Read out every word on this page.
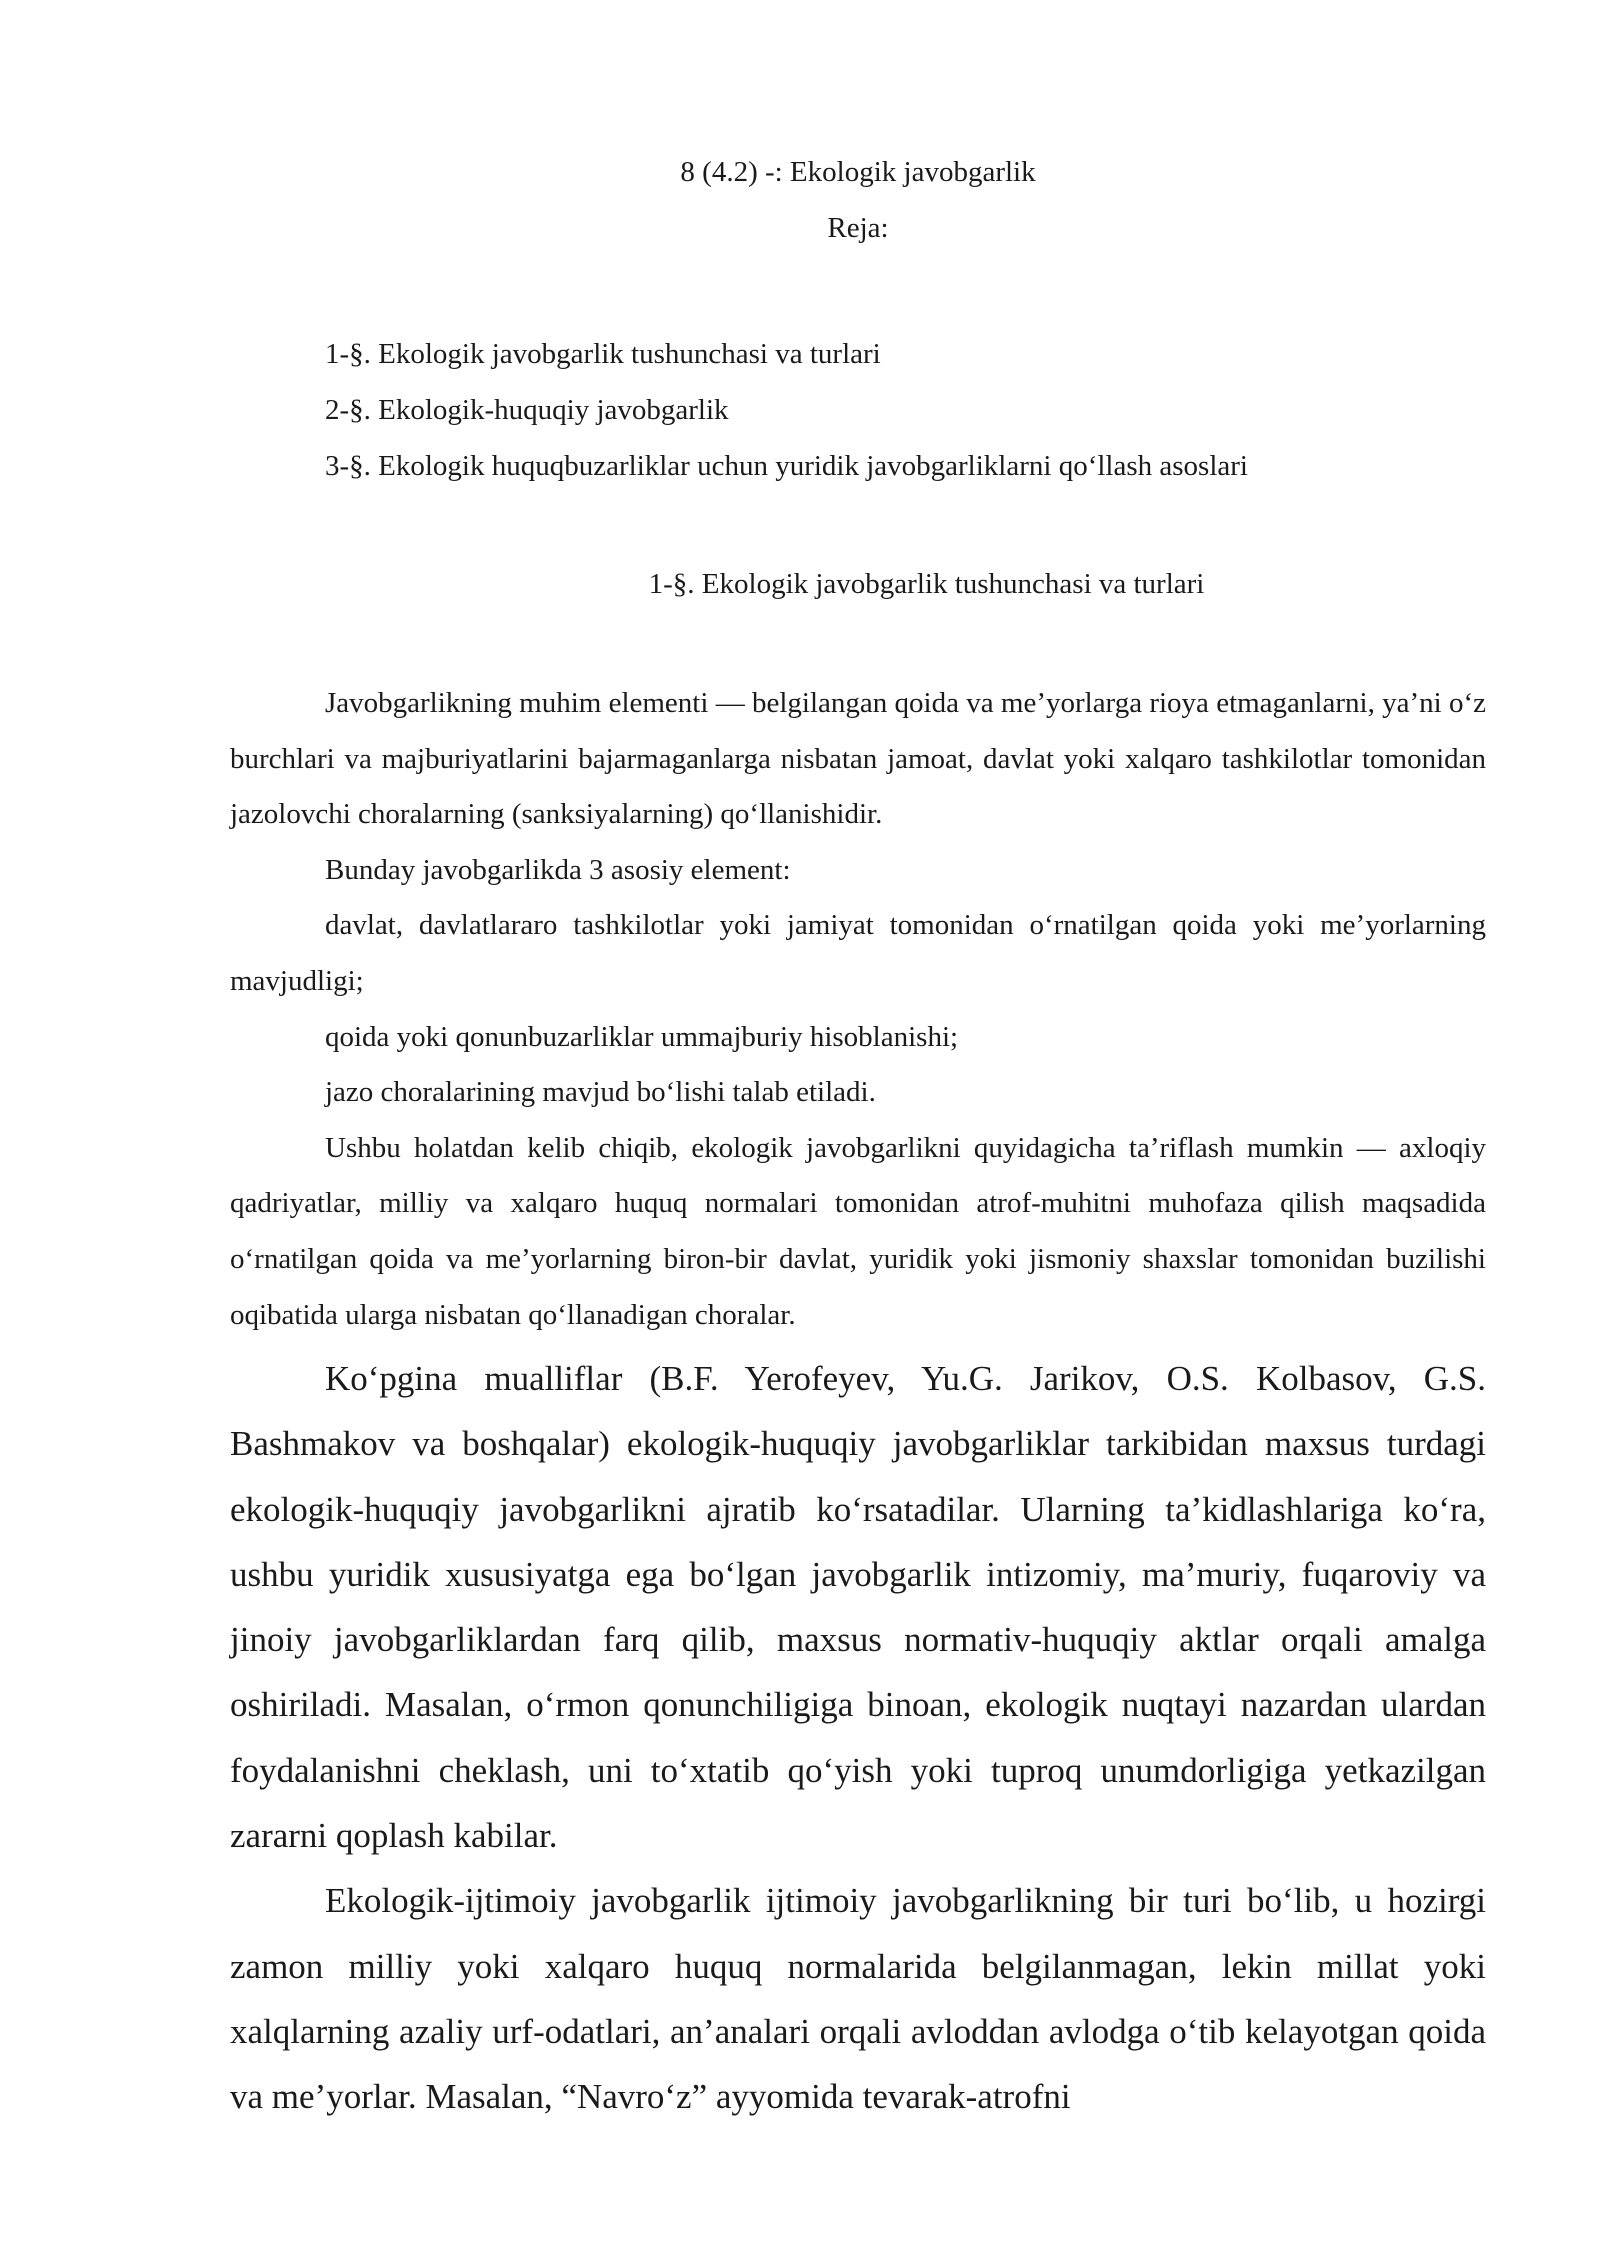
8 (4.2) -: Ekologik javobgarlik
Reja:
1-§. Ekologik javobgarlik tushunchasi va turlari
2-§. Ekologik-huquqiy javobgarlik
3-§. Ekologik huquqbuzarliklar uchun yuridik javobgarliklarni qo‘llash asoslari
1-§. Ekologik javobgarlik tushunchasi va turlari

Javobgarlikning muhim elementi — belgilangan qoida va me’yorlarga rioya etmaganlarni, ya’ni o‘z burchlari va majburiyatlarini bajarmaganlarga nisbatan jamoat, davlat yoki xalqaro tashkilotlar tomonidan jazolovchi choralarning (sanksiyalarning) qo‘llanishidir.

Bunday javobgarlikda 3 asosiy element:

davlat, davlatlararo tashkilotlar yoki jamiyat tomonidan o‘rnatilgan qoida yoki me’yorlarning mavjudligi;

qoida yoki qonunbuzarliklar ummajburiy hisoblanishi;

jazo choralarining mavjud bo‘lishi talab etiladi.

Ushbu holatdan kelib chiqib, ekologik javobgarlikni quyidagicha ta’riflash mumkin — axloqiy qadriyatlar, milliy va xalqaro huquq normalari tomonidan atrof-muhitni muhofaza qilish maqsadida o‘rnatilgan qoida va me’yorlarning biron-bir davlat, yuridik yoki jismoniy shaxslar tomonidan buzilishi oqibatida ularga nisbatan qo‘llanadigan choralar.

Ko‘pgina mualliflar (B.F. Yerofeyev, Yu.G. Jarikov, O.S. Kolbasov, G.S. Bashmakov va boshqalar) ekologik-huquqiy javobgarliklar tarkibidan maxsus turdagi ekologik-huquqiy javobgarlikni ajratib ko‘rsatadilar. Ularning ta’kidlashlariga ko‘ra, ushbu yuridik xususiyatga ega bo‘lgan javobgarlik intizomiy, ma’muriy, fuqaroviy va jinoiy javobgarliklardan farq qilib, maxsus normativ-huquqiy aktlar orqali amalga oshiriladi. Masalan, o‘rmon qonunchiligiga binoan, ekologik nuqtayi nazardan ulardan foydalanishni cheklash, uni to‘xtatib qo‘yish yoki tuproq unumdorligiga yetkazilgan zararni qoplash kabilar.

Ekologik-ijtimoiy javobgarlik ijtimoiy javobgarlikning bir turi bo‘lib, u hozirgi zamon milliy yoki xalqaro huquq normalarida belgilanmagan, lekin millat yoki xalqlarning azaliy urf-odatlari, an’analari orqali avloddan avlodga o‘tib kelayotgan qoida va me’yorlar. Masalan, “Navro‘z” ayyomida tevarak-atrofni
